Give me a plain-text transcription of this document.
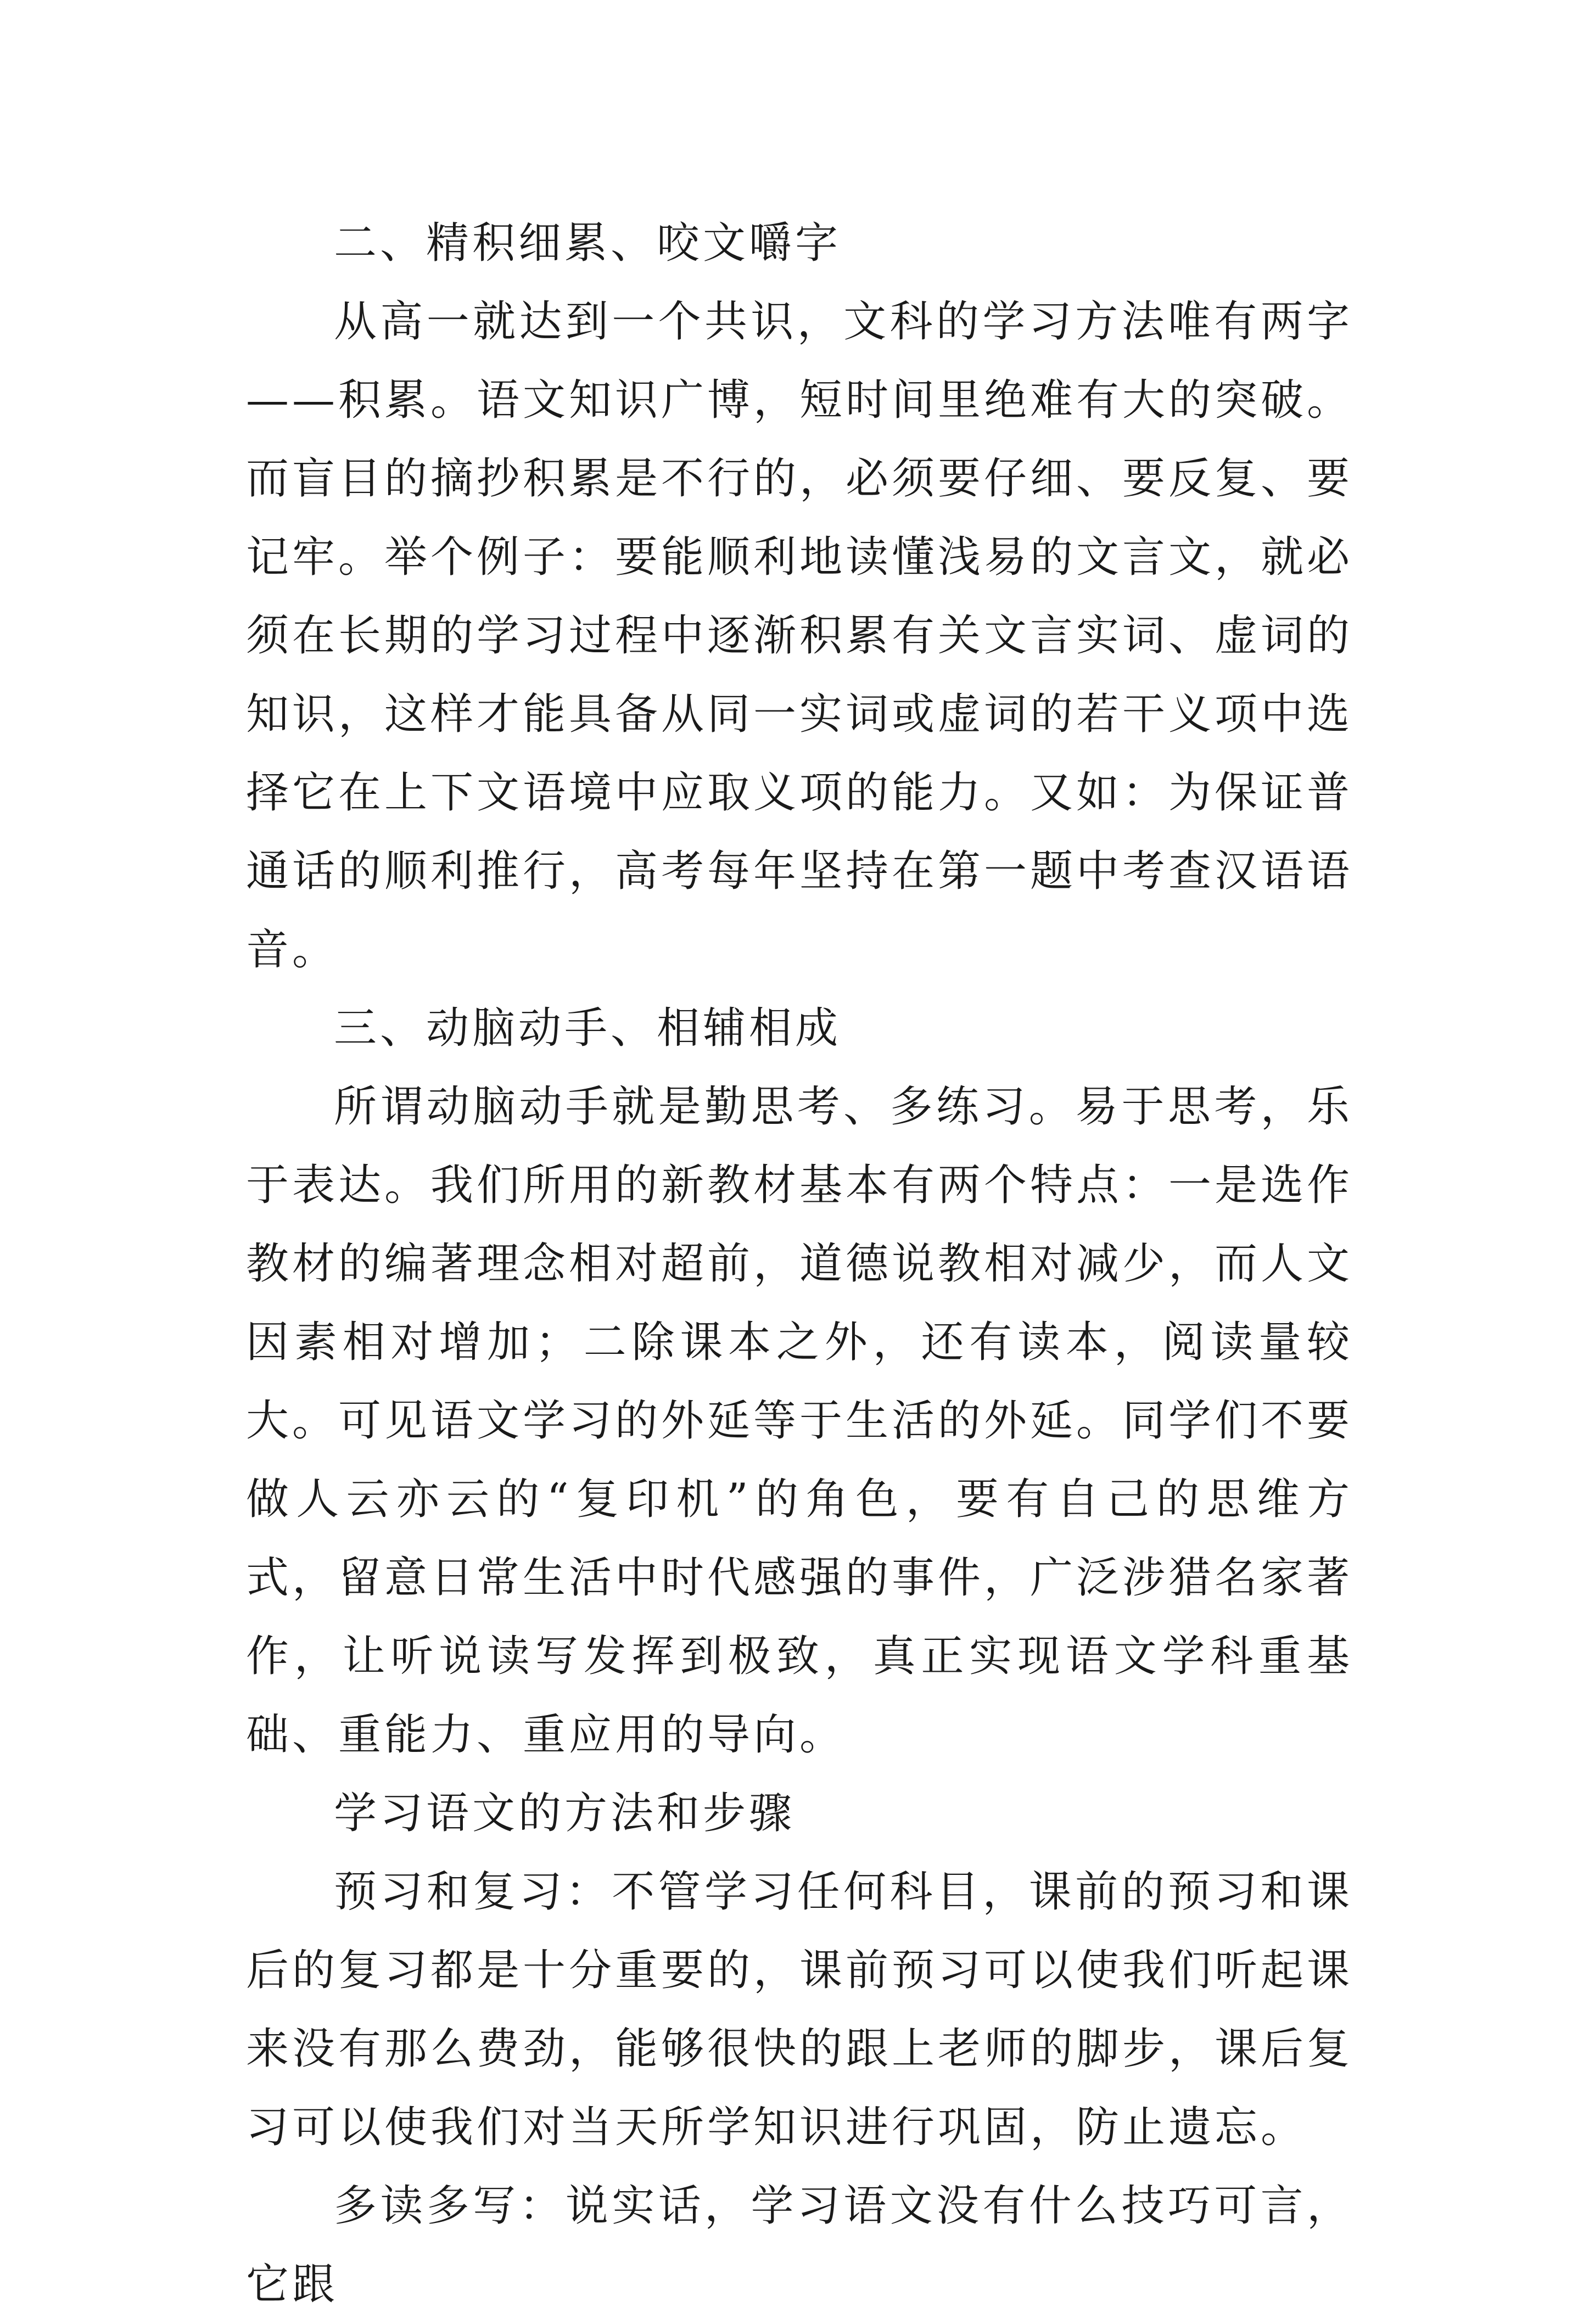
二、精积细累、咬文嚼字

从高一就达到一个共识，文科的学习方法唯有两字——积累。语文知识广博，短时间里绝难有大的突破。而盲目的摘抄积累是不行的，必须要仔细、要反复、要记牢。举个例子：要能顺利地读懂浅易的文言文，就必须在长期的学习过程中逐渐积累有关文言实词、虚词的知识，这样才能具备从同一实词或虚词的若干义项中选择它在上下文语境中应取义项的能力。又如：为保证普通话的顺利推行，高考每年坚持在第一题中考查汉语语音。

三、动脑动手、相辅相成

所谓动脑动手就是勤思考、多练习。易于思考，乐于表达。我们所用的新教材基本有两个特点：一是选作教材的编著理念相对超前，道德说教相对减少，而人文因素相对增加；二除课本之外，还有读本，阅读量较大。可见语文学习的外延等于生活的外延。同学们不要做人云亦云的“复印机”的角色，要有自己的思维方式，留意日常生活中时代感强的事件，广泛涉猎名家著作，让听说读写发挥到极致，真正实现语文学科重基础、重能力、重应用的导向。

学习语文的方法和步骤

预习和复习：不管学习任何科目，课前的预习和课后的复习都是十分重要的，课前预习可以使我们听起课来没有那么费劲，能够很快的跟上老师的脚步，课后复习可以使我们对当天所学知识进行巩固，防止遗忘。

多读多写：说实话，学习语文没有什么技巧可言，它跟
